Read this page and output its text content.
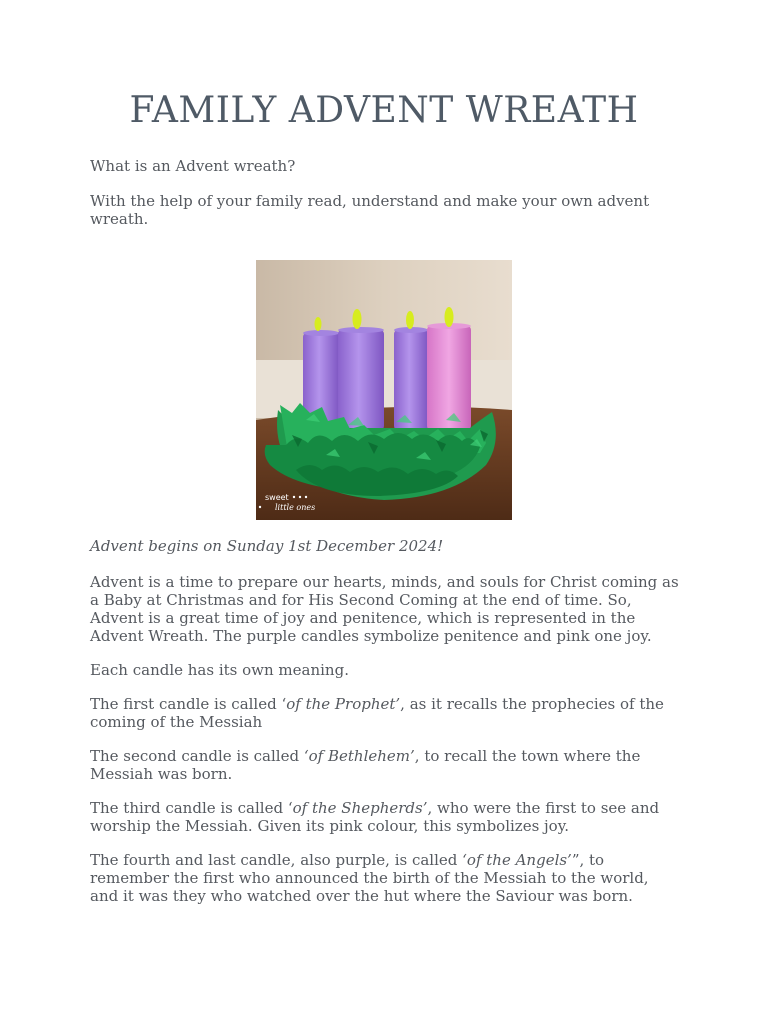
FAMILY ADVENT WREATH

What is an Advent wreath?

With the help of your family read, understand and make your own advent wreath.

sweet
little ones

Advent begins on Sunday 1st December 2024!

Advent is a time to prepare our hearts, minds, and souls for Christ coming as a Baby at Christmas and for His Second Coming at the end of time. So, Advent is a great time of joy and penitence, which is represented in the Advent Wreath. The purple candles symbolize penitence and pink one joy.

Each candle has its own meaning.

The first candle is called ‘of the Prophet’, as it recalls the prophecies of the coming of the Messiah

The second candle is called ‘of Bethlehem’, to recall the town where the Messiah was born.

The third candle is called ‘of the Shepherds’, who were the first to see and worship the Messiah. Given its pink colour, this symbolizes joy.

The fourth and last candle, also purple, is called ‘of the Angels’”, to remember the first who announced the birth of the Messiah to the world, and it was they who watched over the hut where the Saviour was born.
